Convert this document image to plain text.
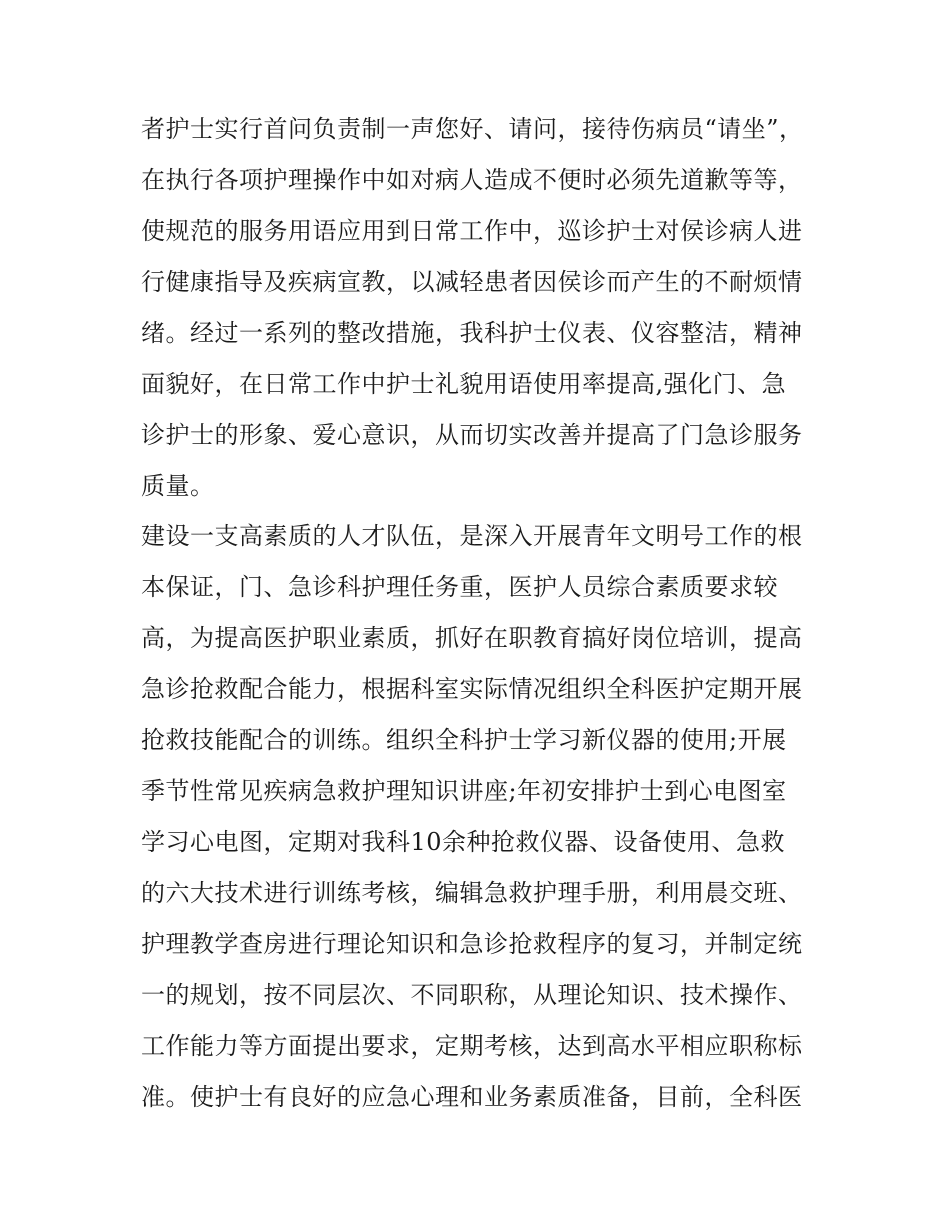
者护士实行首问负责制一声您好、请问，接待伤病员“请坐”，
在执行各项护理操作中如对病人造成不便时必须先道歉等等，
使规范的服务用语应用到日常工作中，巡诊护士对侯诊病人进
行健康指导及疾病宣教，以减轻患者因侯诊而产生的不耐烦情
绪。经过一系列的整改措施，我科护士仪表、仪容整洁，精神
面貌好，在日常工作中护士礼貌用语使用率提高,强化门、急
诊护士的形象、爱心意识，从而切实改善并提高了门急诊服务
质量。
建设一支高素质的人才队伍，是深入开展青年文明号工作的根
本保证，门、急诊科护理任务重，医护人员综合素质要求较
高，为提高医护职业素质，抓好在职教育搞好岗位培训，提高
急诊抢救配合能力，根据科室实际情况组织全科医护定期开展
抢救技能配合的训练。组织全科护士学习新仪器的使用;开展
季节性常见疾病急救护理知识讲座;年初安排护士到心电图室
学习心电图，定期对我科10余种抢救仪器、设备使用、急救
的六大技术进行训练考核，编辑急救护理手册，利用晨交班、
护理教学查房进行理论知识和急诊抢救程序的复习，并制定统
一的规划，按不同层次、不同职称，从理论知识、技术操作、
工作能力等方面提出要求，定期考核，达到高水平相应职称标
准。使护士有良好的应急心理和业务素质准备，目前，全科医
